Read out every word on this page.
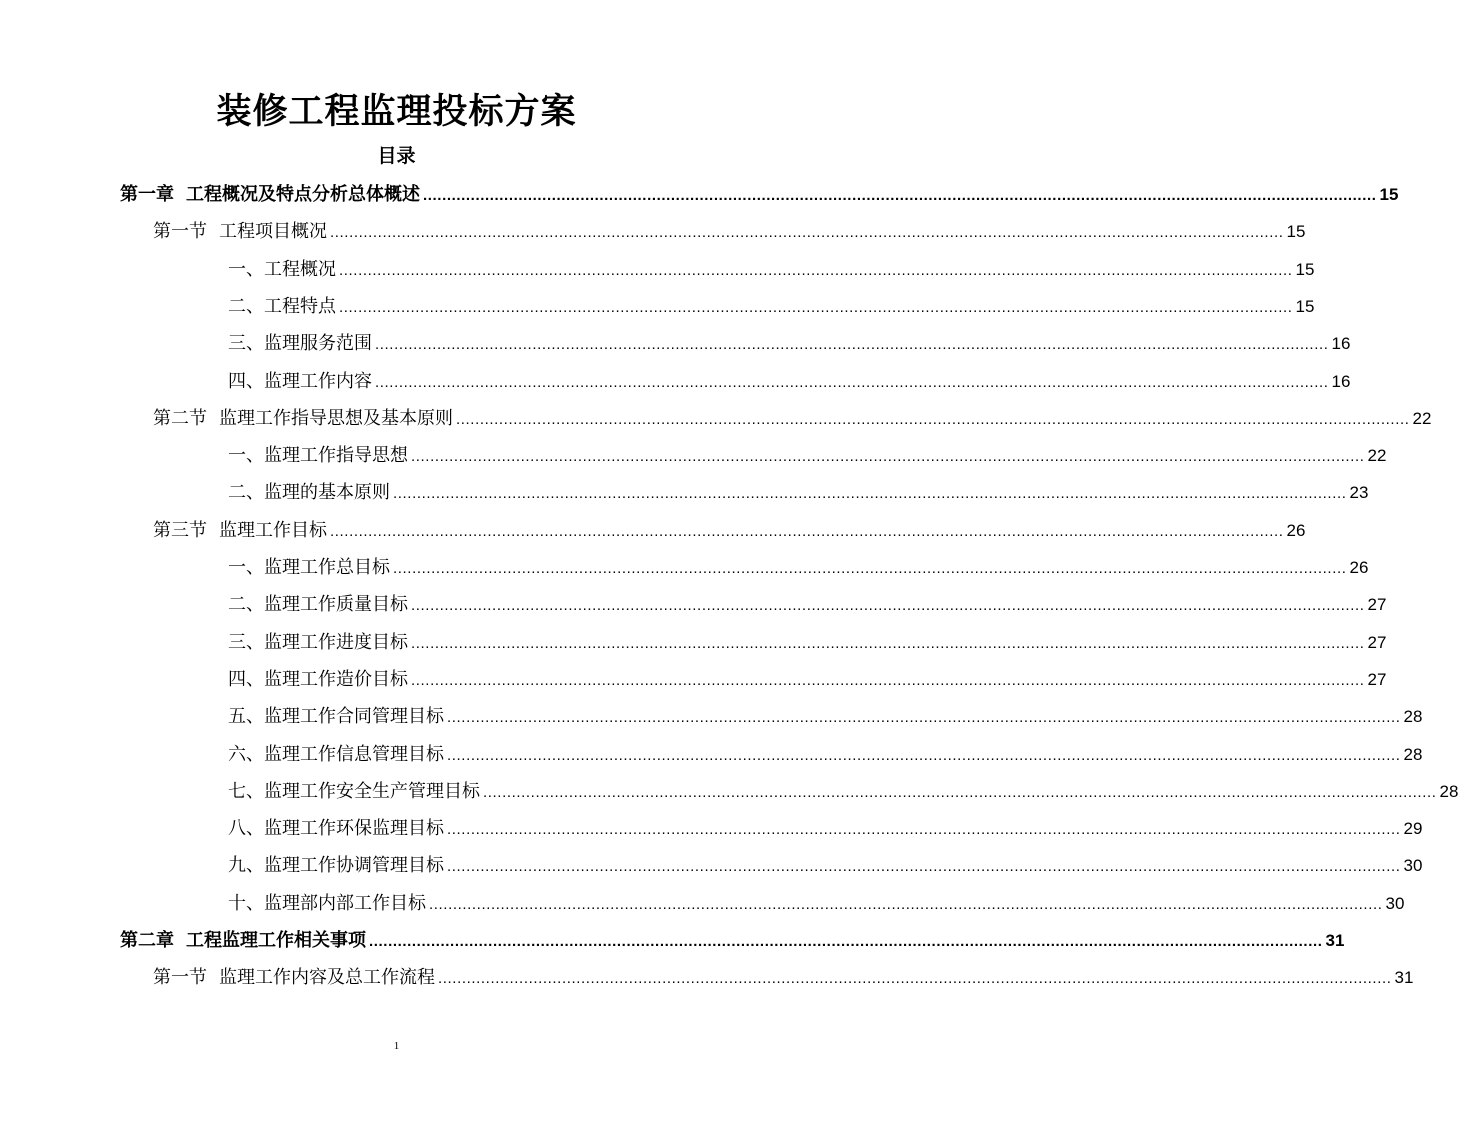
装修工程监理投标方案
目录
第一章 工程概况及特点分析总体概述 ........................................................................................................................................................................................................ 15
第一节 工程项目概况 ........................................................................................................................................................................................................ 15
一、工程概况 ........................................................................................................................................................................................................ 15
二、工程特点 ........................................................................................................................................................................................................ 15
三、监理服务范围 ........................................................................................................................................................................................................ 16
四、监理工作内容 ........................................................................................................................................................................................................ 16
第二节 监理工作指导思想及基本原则 ........................................................................................................................................................................................................ 22
一、监理工作指导思想 ........................................................................................................................................................................................................ 22
二、监理的基本原则 ........................................................................................................................................................................................................ 23
第三节 监理工作目标 ........................................................................................................................................................................................................ 26
一、监理工作总目标 ........................................................................................................................................................................................................ 26
二、监理工作质量目标 ........................................................................................................................................................................................................ 27
三、监理工作进度目标 ........................................................................................................................................................................................................ 27
四、监理工作造价目标 ........................................................................................................................................................................................................ 27
五、监理工作合同管理目标 ........................................................................................................................................................................................................ 28
六、监理工作信息管理目标 ........................................................................................................................................................................................................ 28
七、监理工作安全生产管理目标 ........................................................................................................................................................................................................ 28
八、监理工作环保监理目标 ........................................................................................................................................................................................................ 29
九、监理工作协调管理目标 ........................................................................................................................................................................................................ 30
十、监理部内部工作目标 ........................................................................................................................................................................................................ 30
第二章 工程监理工作相关事项 ........................................................................................................................................................................................................ 31
第一节 监理工作内容及总工作流程 ........................................................................................................................................................................................................ 31
1
